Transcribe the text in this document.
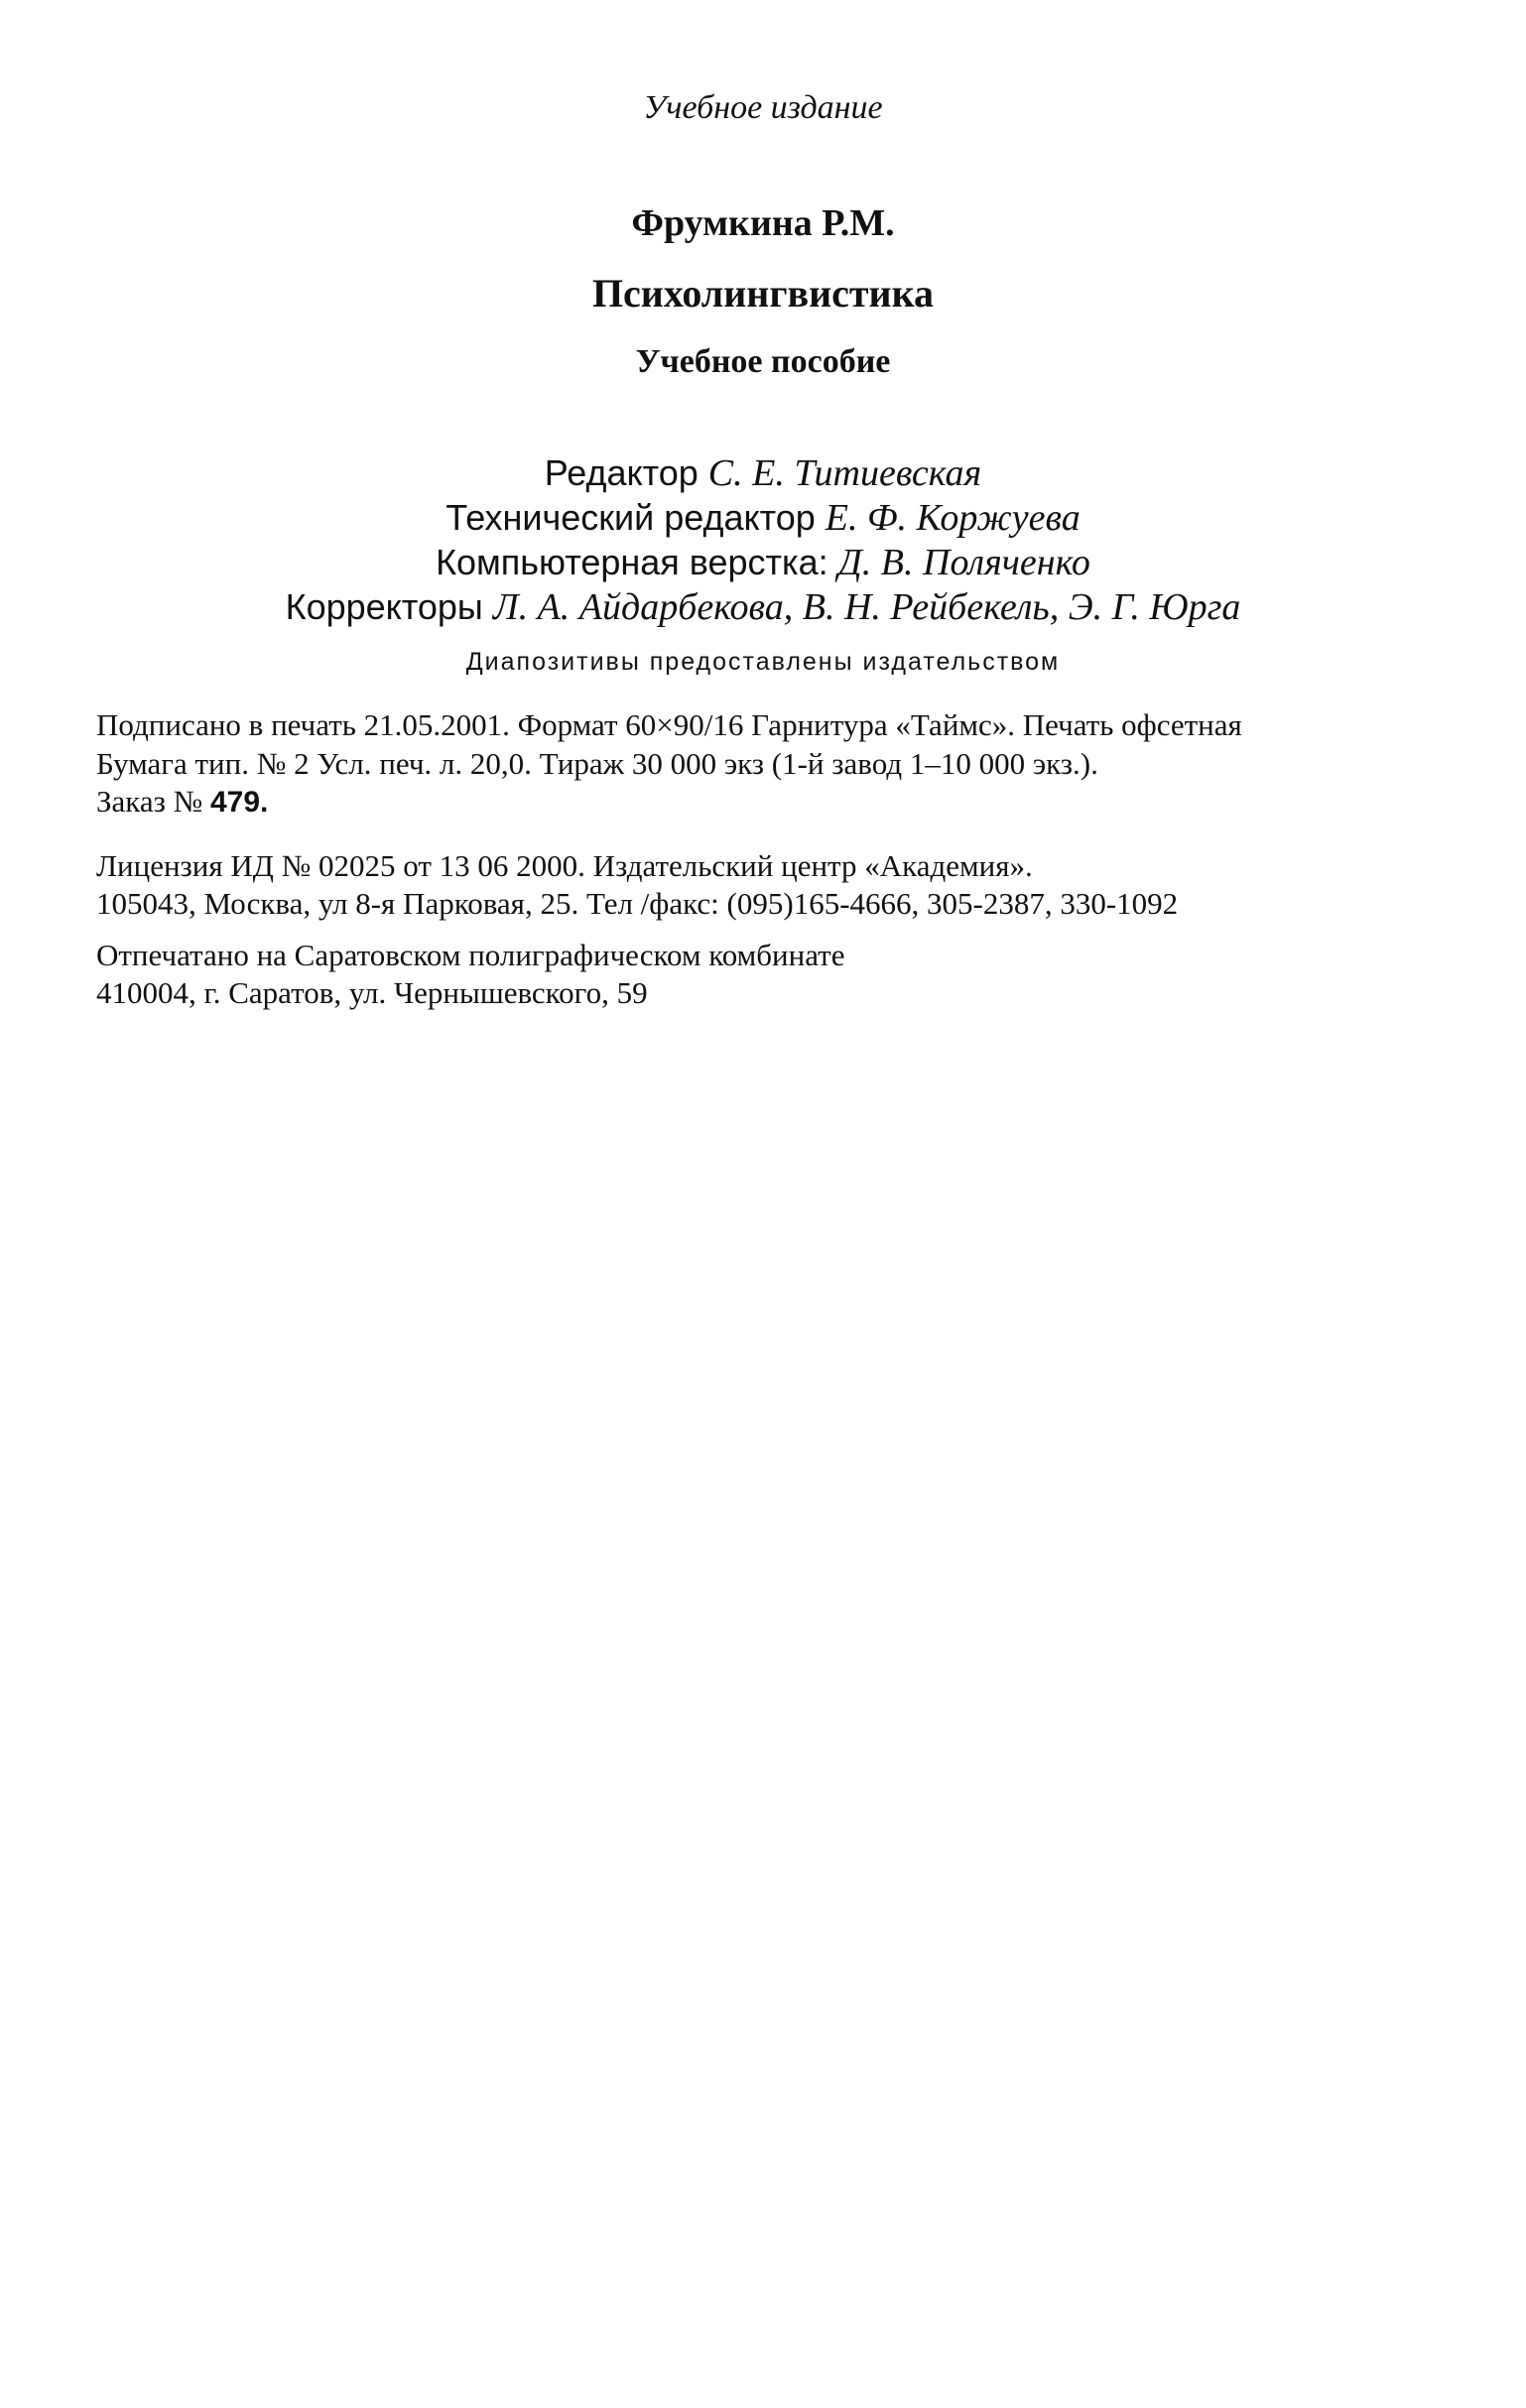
Учебное издание
Фрумкина Р.М.
Психолингвистика
Учебное пособие
Редактор С. Е. Титиевская
Технический редактор Е. Ф. Коржуева
Компьютерная верстка: Д. В. Поляченко
Корректоры Л. А. Айдарбекова, В. Н. Рейбекель, Э. Г. Юрга
Диапозитивы предоставлены издательством
Подписано в печать 21.05.2001. Формат 60×90/16 Гарнитура «Таймс». Печать офсетная
Бумага тип. № 2 Усл. печ. л. 20,0. Тираж 30 000 экз (1-й завод 1–10 000 экз.).
Заказ № 479.
Лицензия ИД № 02025 от 13 06 2000. Издательский центр «Академия».
105043, Москва, ул 8-я Парковая, 25. Тел /факс: (095)165-4666, 305-2387, 330-1092
Отпечатано на Саратовском полиграфическом комбинате
410004, г. Саратов, ул. Чернышевского, 59
